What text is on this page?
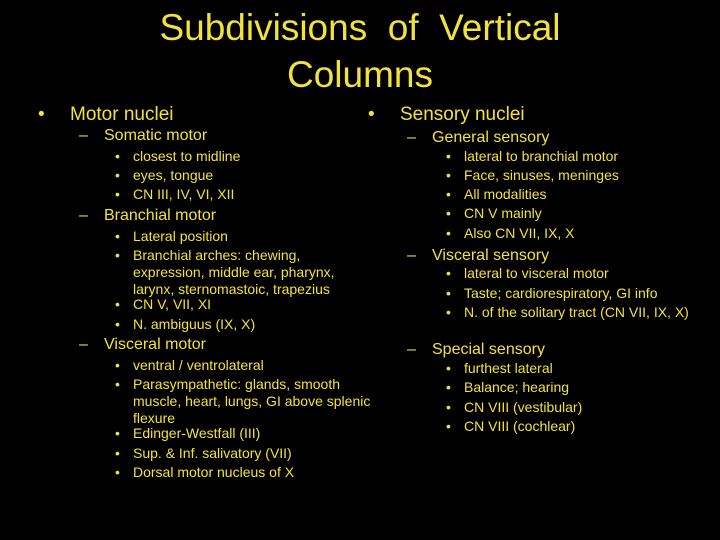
Subdivisions  of  Vertical
Columns
• Motor nuclei
– Somatic motor
• closest to midline
• eyes, tongue
• CN III, IV, VI, XII
– Branchial motor
• Lateral position
• Branchial arches: chewing, expression, middle ear, pharynx, larynx, sternomastoic, trapezius
• CN V, VII, XI
• N. ambiguus (IX, X)
– Visceral motor
• ventral / ventrolateral
• Parasympathetic: glands, smooth muscle, heart, lungs, GI above splenic flexure
• Edinger-Westfall (III)
• Sup. & Inf. salivatory (VII)
• Dorsal motor nucleus of X
• Sensory nuclei
– General sensory
• lateral to branchial motor
• Face, sinuses, meninges
• All modalities
• CN V mainly
• Also CN VII, IX, X
– Visceral sensory
• lateral to visceral motor
• Taste; cardiorespiratory, GI info
• N. of the solitary tract (CN VII, IX, X)
– Special sensory
• furthest lateral
• Balance; hearing
• CN VIII (vestibular)
• CN VIII (cochlear)
